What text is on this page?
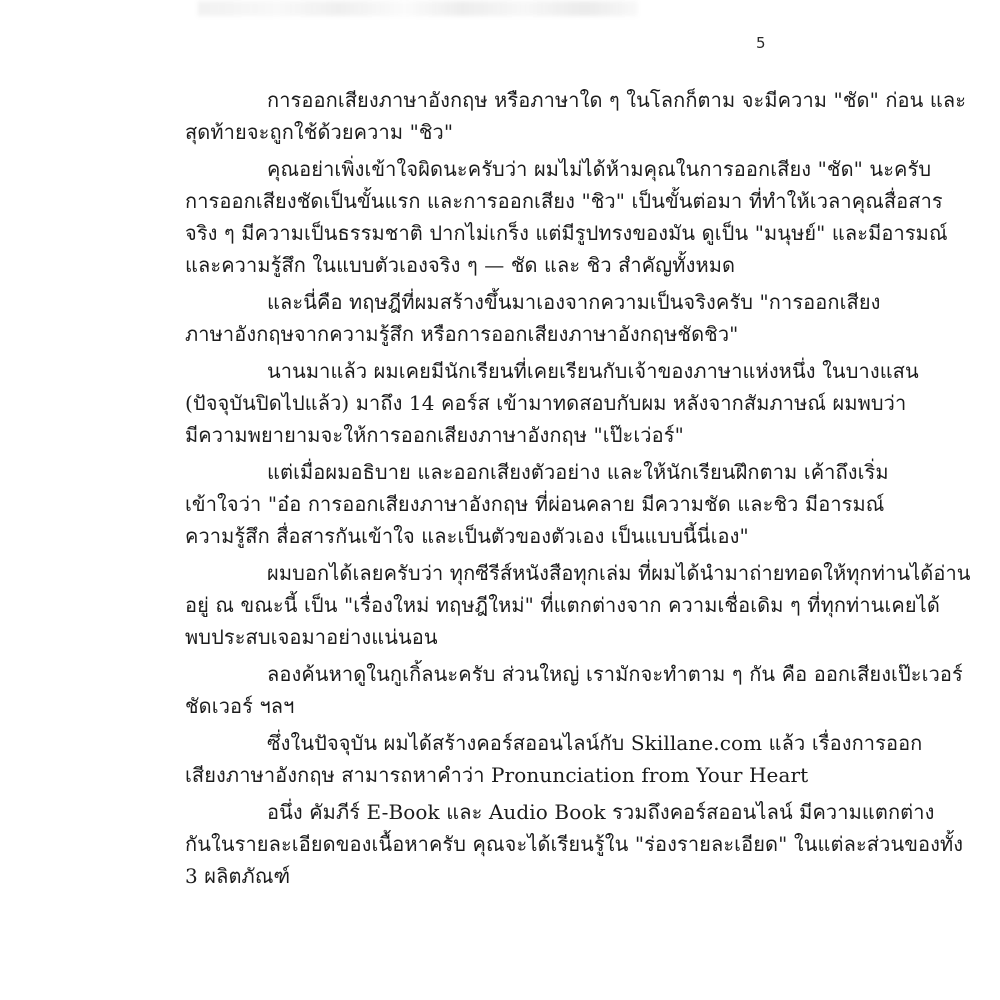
5
การออกเสียงภาษาอังกฤษ หรือภาษาใด ๆ ในโลกก็ตาม จะมีความ "ชัด" ก่อน และ
สุดท้ายจะถูกใช้ด้วยความ "ชิว"
คุณอย่าเพิ่งเข้าใจผิดนะครับว่า ผมไม่ได้ห้ามคุณในการออกเสียง "ชัด" นะครับ
การออกเสียงชัดเป็นขั้นแรก และการออกเสียง "ชิว" เป็นขั้นต่อมา ที่ทำให้เวลาคุณสื่อสาร
จริง ๆ มีความเป็นธรรมชาติ ปากไม่เกร็ง แต่มีรูปทรงของมัน ดูเป็น "มนุษย์" และมีอารมณ์
และความรู้สึก ในแบบตัวเองจริง ๆ — ชัด และ ชิว สำคัญทั้งหมด
และนี่คือ ทฤษฎีที่ผมสร้างขึ้นมาเองจากความเป็นจริงครับ "การออกเสียง
ภาษาอังกฤษจากความรู้สึก หรือการออกเสียงภาษาอังกฤษชัดชิว"
นานมาแล้ว ผมเคยมีนักเรียนที่เคยเรียนกับเจ้าของภาษาแห่งหนึ่ง ในบางแสน
(ปัจจุบันปิดไปแล้ว) มาถึง 14 คอร์ส เข้ามาทดสอบกับผม หลังจากสัมภาษณ์ ผมพบว่า
มีความพยายามจะให้การออกเสียงภาษาอังกฤษ "เป๊ะเว่อร์"
แต่เมื่อผมอธิบาย และออกเสียงตัวอย่าง และให้นักเรียนฝึกตาม เค้าถึงเริ่ม
เข้าใจว่า "อ๋อ การออกเสียงภาษาอังกฤษ ที่ผ่อนคลาย มีความชัด และชิว มีอารมณ์
ความรู้สึก สื่อสารกันเข้าใจ และเป็นตัวของตัวเอง เป็นแบบนี้นี่เอง"
ผมบอกได้เลยครับว่า ทุกซีรีส์หนังสือทุกเล่ม ที่ผมได้นำมาถ่ายทอดให้ทุกท่านได้อ่าน
อยู่ ณ ขณะนี้ เป็น "เรื่องใหม่ ทฤษฎีใหม่" ที่แตกต่างจาก ความเชื่อเดิม ๆ ที่ทุกท่านเคยได้
พบประสบเจอมาอย่างแน่นอน
ลองค้นหาดูในกูเกิ้ลนะครับ ส่วนใหญ่ เรามักจะทำตาม ๆ กัน คือ ออกเสียงเป๊ะเวอร์
ชัดเวอร์ ฯลฯ
ซึ่งในปัจจุบัน ผมได้สร้างคอร์สออนไลน์กับ Skillane.com แล้ว เรื่องการออก
เสียงภาษาอังกฤษ สามารถหาคำว่า Pronunciation from Your Heart
อนึ่ง คัมภีร์ E-Book และ Audio Book รวมถึงคอร์สออนไลน์ มีความแตกต่าง
กันในรายละเอียดของเนื้อหาครับ คุณจะได้เรียนรู้ใน "ร่องรายละเอียด" ในแต่ละส่วนของทั้ง
3 ผลิตภัณฑ์
